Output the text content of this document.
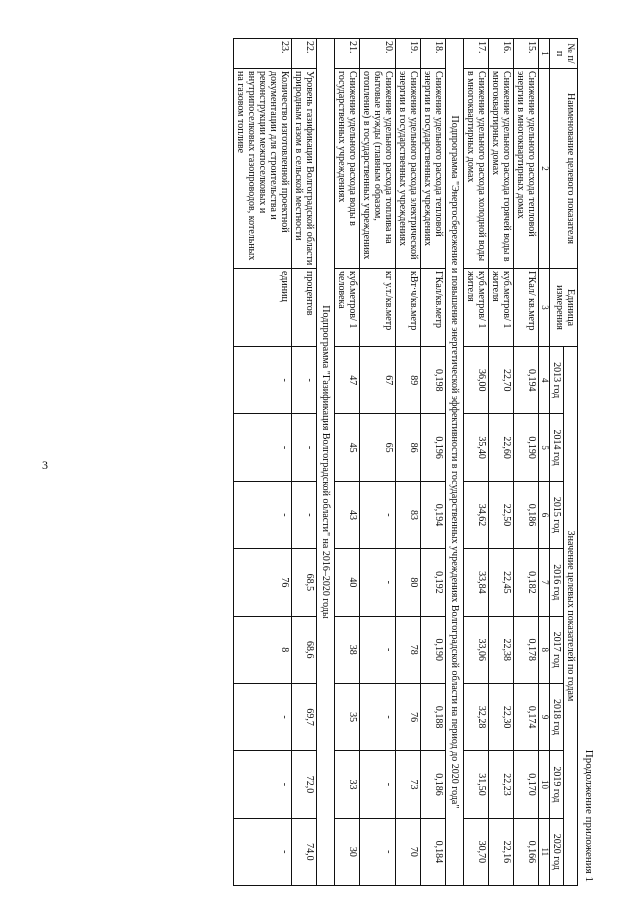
3
Продолжение приложения 1
№ п/п	Наименование целевого показателя	Единица измерения	Значение целевых показателей по годам							
			2013 год	2014 год	2015 год	2016 год	2017 год	2018 год	2019 год	2020 год
1	2	3	4	5	6	7	8	9	10	11
15.	Снижение удельного расхода тепловой энергии в многоквартирных домах	ГКал/ кв.метр	0,194	0,190	0,186	0,182	0,178	0,174	0,170	0,166
16.	Снижение удельного расхода горячей воды в многоквартирных домах	куб.метров/ 1 жителя	22,70	22,60	22,50	22,45	22,38	22,30	22,23	22,16
17.	Снижение удельного расхода холодной воды в многоквартирных домах	куб.метров/ 1 жителя	36,00	35,40	34,62	33,84	33,06	32,28	31,50	30,70
Подпрограмма "Энергосбережение и повышение энергетической эффективности в государственных учреждениях Волгоградской области на период до 2020 года"										
18.	Снижение удельного расхода тепловой энергии в государственных учреждениях	ГКал/кв.метр	0,198	0,196	0,194	0,192	0,190	0,188	0,186	0,184
19.	Снижение удельного расхода электрической энергии в государственных учреждениях	кВт·ч/кв.метр	89	86	83	80	78	76	73	70
20.	Снижение удельного расхода топлива на бытовые нужды (главным образом, отопление) в государственных учреждениях	кг у.т./кв.метр	67	65	-	-	-	-	-	-
21.	Снижение удельного расхода воды в государственных учреждениях	куб.метров/ 1 человека	47	45	43	40	38	35	33	30
Подпрограмма "Газификация Волгоградской области" на 2016–2020 годы										
22.	Уровень газификации Волгоградской области природным газом в сельской местности	процентов	-	-	-	68,5	68,6	69,7	72,0	74,0
23.	Количество изготовленной проектной документации для строительства и реконструкции межпоселковых и внутрипоселковых газопроводов, котельных на газовом топливе	единиц	-	-	-	76	8	-	-	-
